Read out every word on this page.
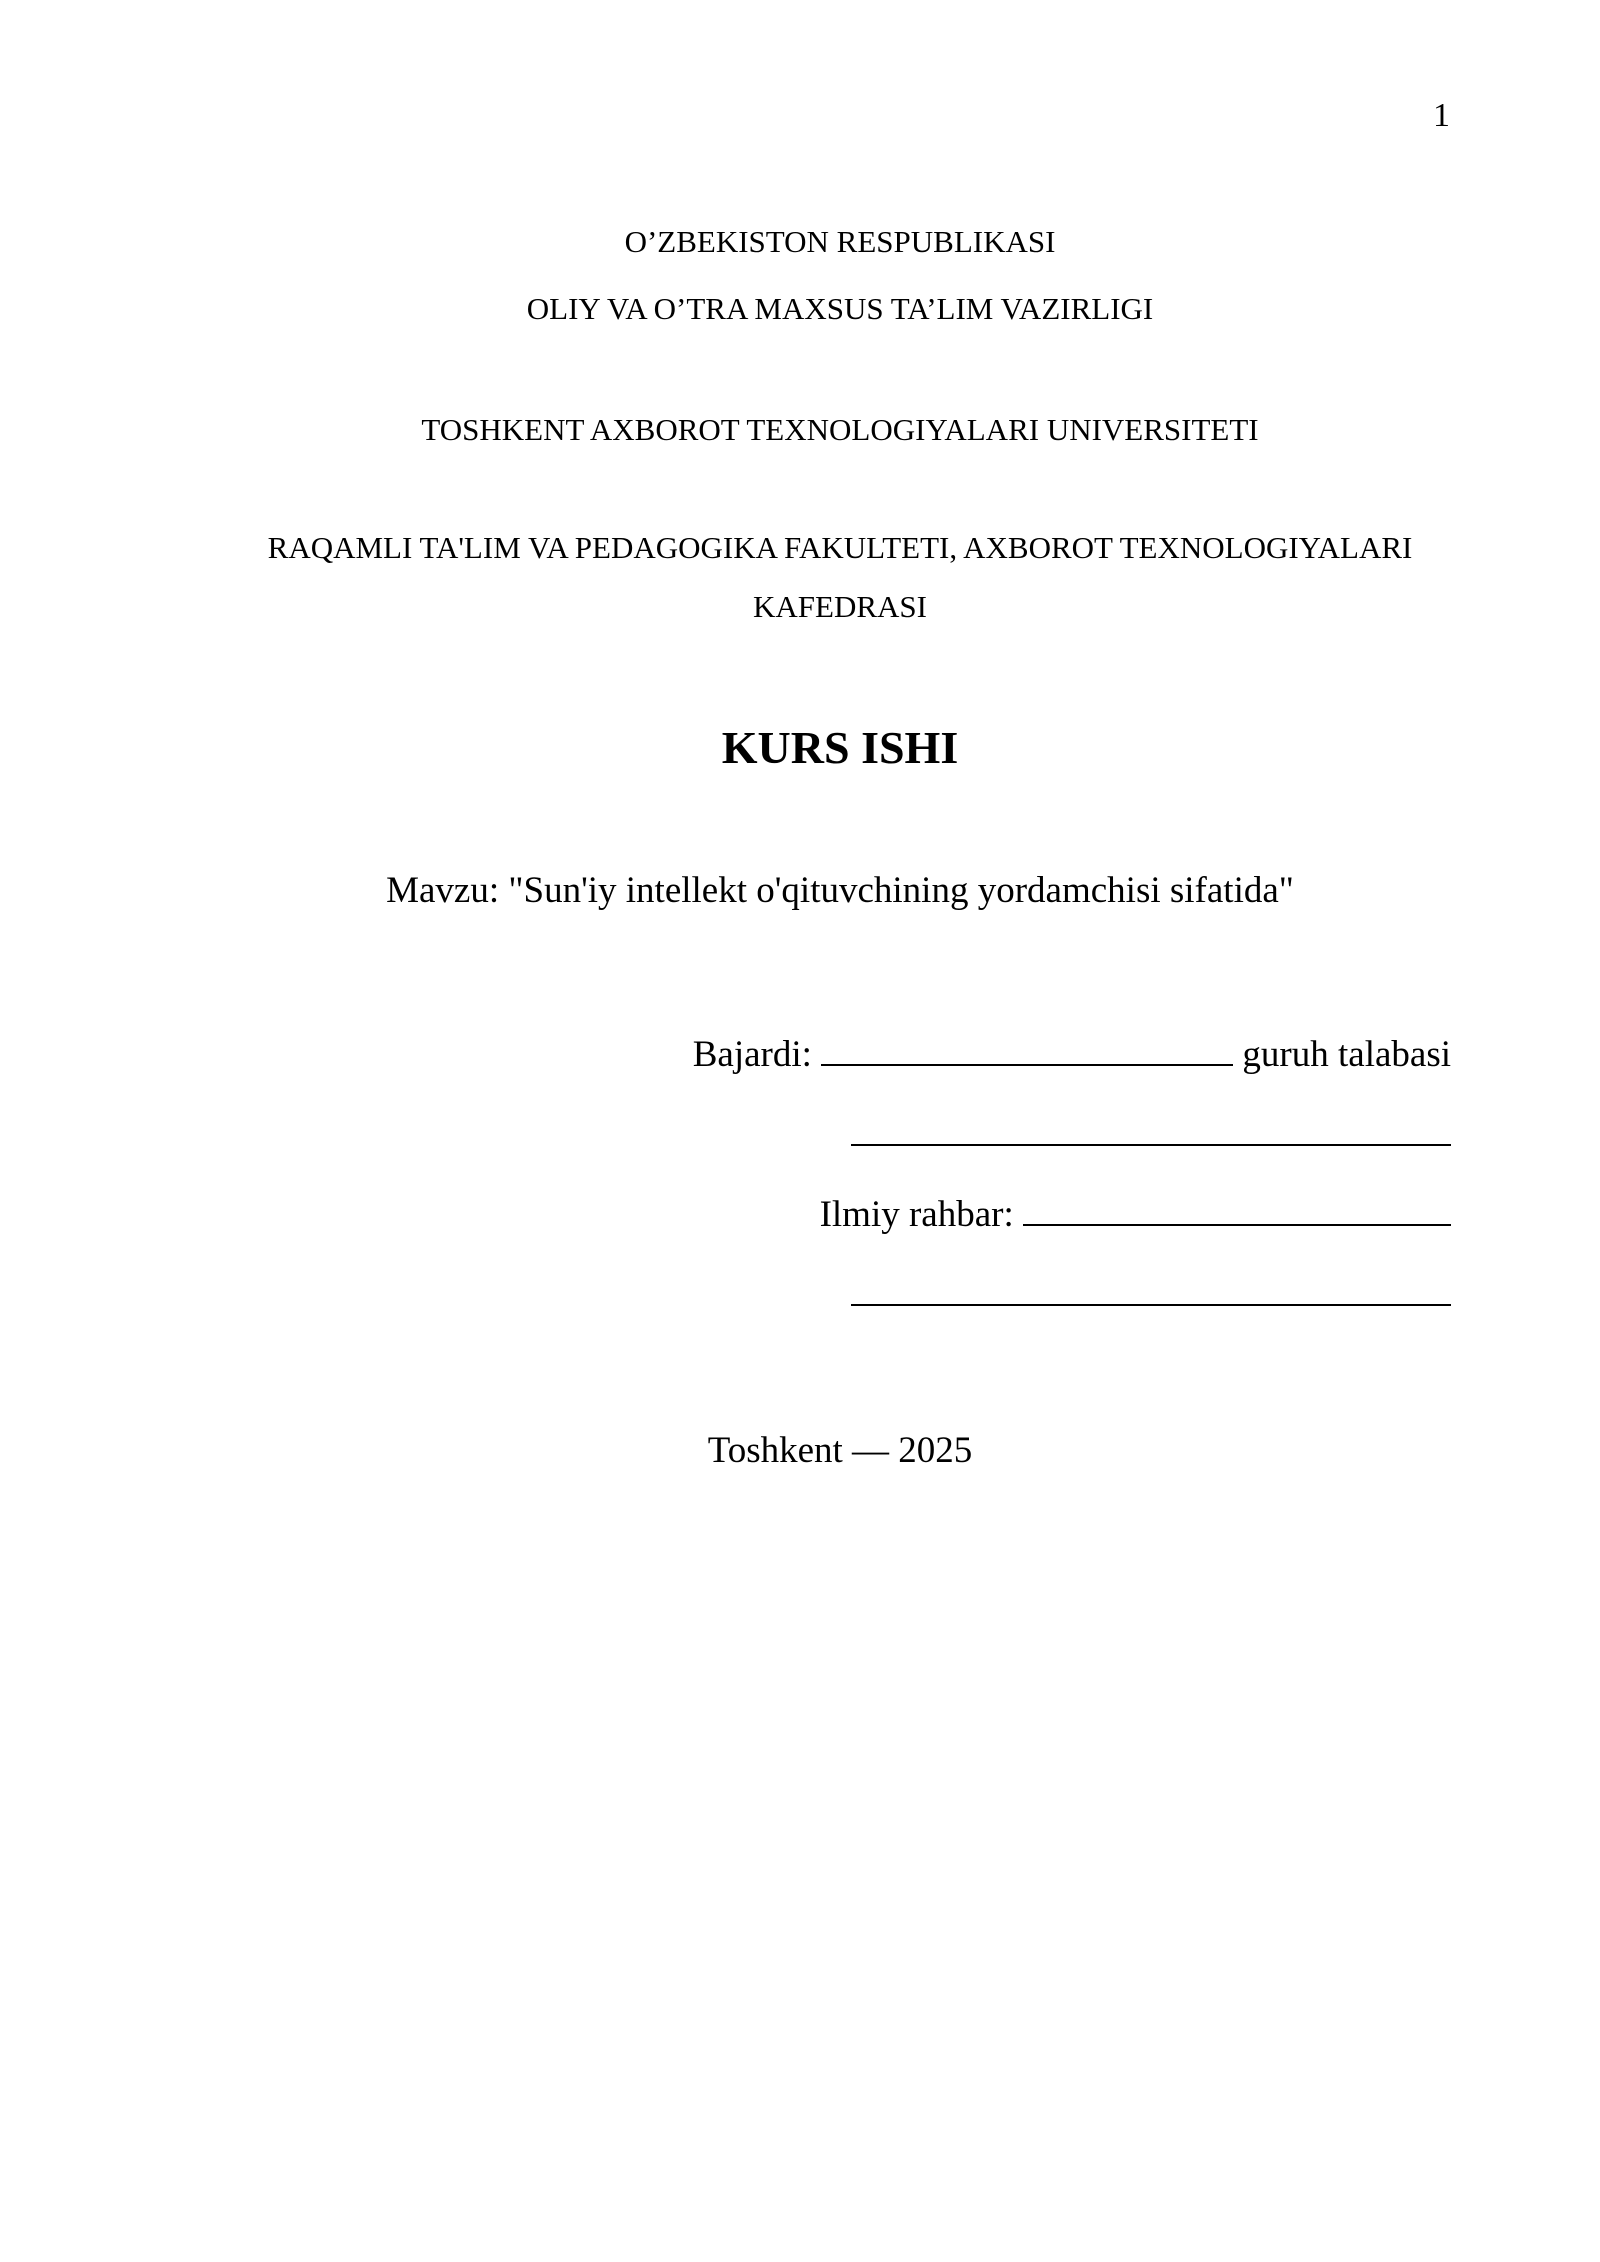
1
O’ZBEKISTON RESPUBLIKASI
OLIY VA O’TRA MAXSUS TA’LIM VAZIRLIGI
TOSHKENT AXBOROT TEXNOLOGIYALARI UNIVERSITETI
RAQAMLI TA'LIM VA PEDAGOGIKA FAKULTETI, AXBOROT TEXNOLOGIYALARI KAFEDRASI
KURS ISHI
Mavzu: "Sun'iy intellekt o'qituvchining yordamchisi sifatida"
Bajardi:	guruh talabasi
Ilmiy rahbar:
Toshkent — 2025
